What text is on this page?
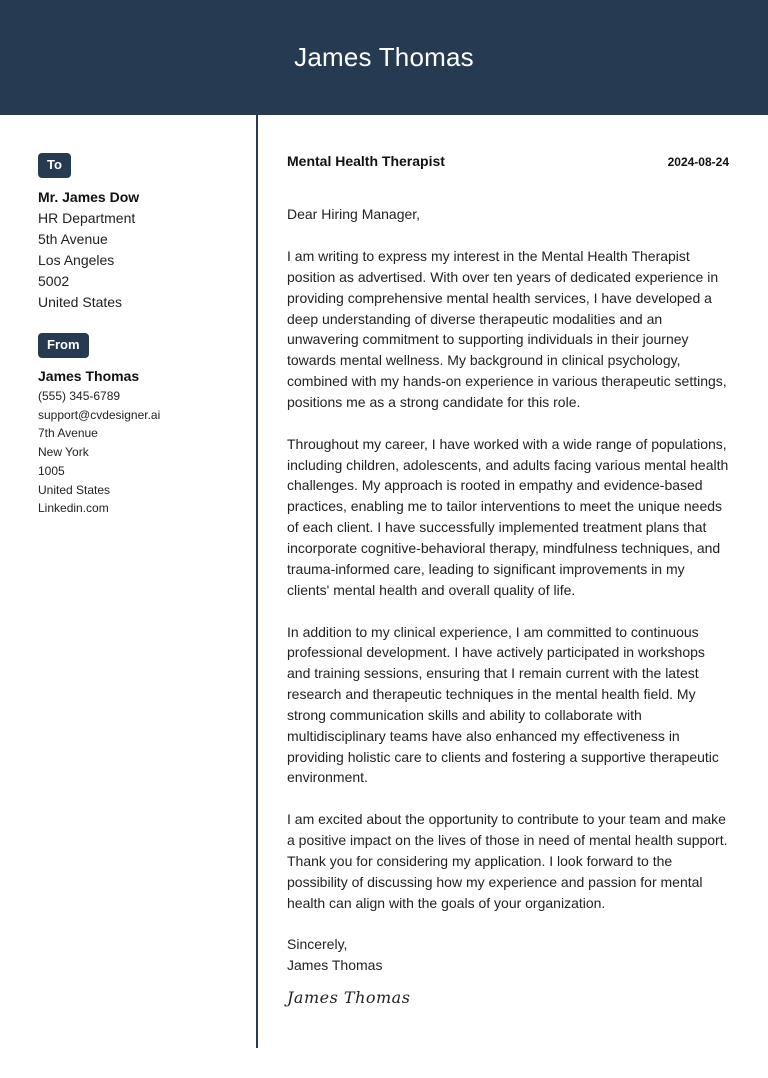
James Thomas
To
Mr. James Dow
HR Department
5th Avenue
Los Angeles
5002
United States
From
James Thomas
(555) 345-6789
support@cvdesigner.ai
7th Avenue
New York
1005
United States
Linkedin.com
Mental Health Therapist	2024-08-24
Dear Hiring Manager,
I am writing to express my interest in the Mental Health Therapist position as advertised. With over ten years of dedicated experience in providing comprehensive mental health services, I have developed a deep understanding of diverse therapeutic modalities and an unwavering commitment to supporting individuals in their journey towards mental wellness. My background in clinical psychology, combined with my hands-on experience in various therapeutic settings, positions me as a strong candidate for this role.
Throughout my career, I have worked with a wide range of populations, including children, adolescents, and adults facing various mental health challenges. My approach is rooted in empathy and evidence-based practices, enabling me to tailor interventions to meet the unique needs of each client. I have successfully implemented treatment plans that incorporate cognitive-behavioral therapy, mindfulness techniques, and trauma-informed care, leading to significant improvements in my clients' mental health and overall quality of life.
In addition to my clinical experience, I am committed to continuous professional development. I have actively participated in workshops and training sessions, ensuring that I remain current with the latest research and therapeutic techniques in the mental health field. My strong communication skills and ability to collaborate with multidisciplinary teams have also enhanced my effectiveness in providing holistic care to clients and fostering a supportive therapeutic environment.
I am excited about the opportunity to contribute to your team and make a positive impact on the lives of those in need of mental health support. Thank you for considering my application. I look forward to the possibility of discussing how my experience and passion for mental health can align with the goals of your organization.
Sincerely,
James Thomas
James Thomas
